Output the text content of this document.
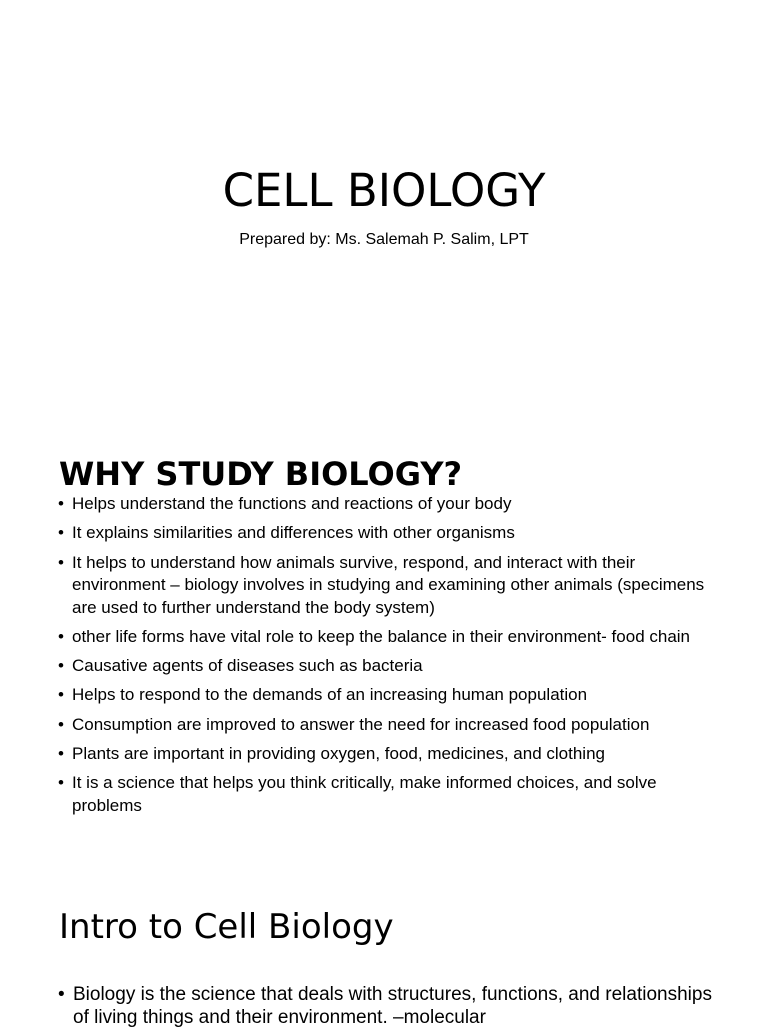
CELL BIOLOGY
Prepared by: Ms. Salemah P. Salim, LPT
WHY STUDY BIOLOGY?
• Helps understand the functions and reactions of your body
• It explains similarities and differences with other organisms
• It helps to understand how animals survive, respond, and interact with their environment – biology involves in studying and examining other animals (specimens are used to further understand the body system)
• other life forms have vital role to keep the balance in their environment- food chain
• Causative agents of diseases such as bacteria
• Helps to respond to the demands of an increasing human population
• Consumption are improved to answer the need for increased food population
• Plants are important in providing oxygen, food, medicines, and clothing
• It is a science that helps you think critically, make informed choices, and solve problems
Intro to Cell Biology
• Biology is the science that deals with structures, functions, and relationships of living things and their environment. –molecular
